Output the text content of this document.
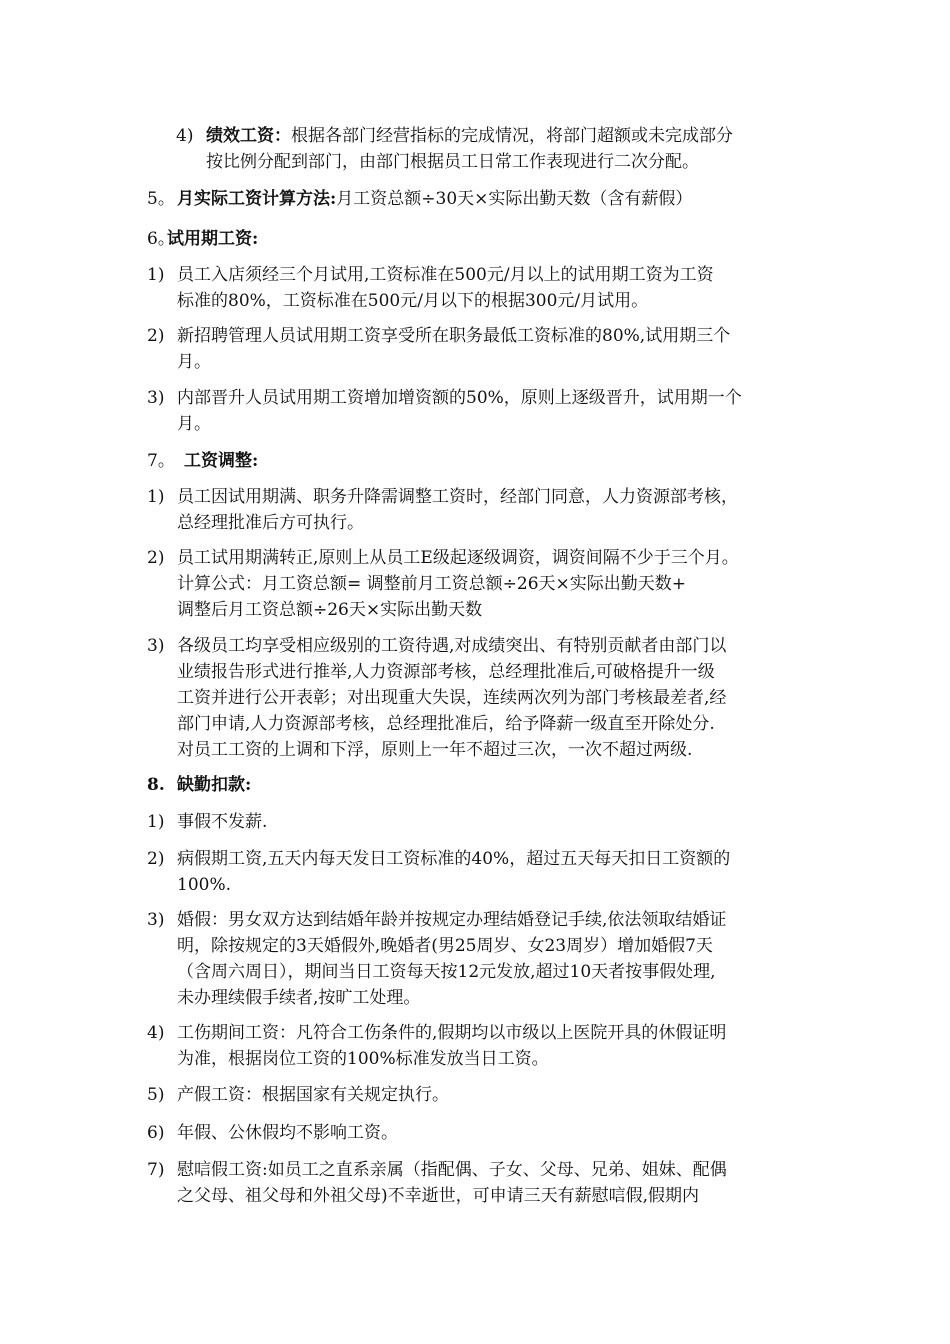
4) 绩效工资：根据各部门经营指标的完成情况，将部门超额或未完成部分
按比例分配到部门，由部门根据员工日常工作表现进行二次分配。
5。 月实际工资计算方法:月工资总额÷30天×实际出勤天数（含有薪假）
6。
试用期工资:
1) 员工入店须经三个月试用,工资标准在500元/月以上的试用期工资为工资
标准的80%，工资标准在500元/月以下的根据300元/月试用。
2) 新招聘管理人员试用期工资享受所在职务最低工资标准的80%,试用期三个
月。
3) 内部晋升人员试用期工资增加增资额的50%，原则上逐级晋升，试用期一个
月。
7。 工资调整:
1) 员工因试用期满、职务升降需调整工资时，经部门同意，人力资源部考核，
总经理批准后方可执行。
2) 员工试用期满转正,原则上从员工E级起逐级调资，调资间隔不少于三个月。
计算公式：月工资总额= 调整前月工资总额÷26天×实际出勤天数+
调整后月工资总额÷26天×实际出勤天数
3) 各级员工均享受相应级别的工资待遇,对成绩突出、有特别贡献者由部门以
业绩报告形式进行推举,人力资源部考核，总经理批准后,可破格提升一级
工资并进行公开表彰；对出现重大失误，连续两次列为部门考核最差者,经
部门申请,人力资源部考核，总经理批准后，给予降薪一级直至开除处分.
对员工工资的上调和下浮，原则上一年不超过三次，一次不超过两级.
8. 缺勤扣款:
1) 事假不发薪.
2) 病假期工资,五天内每天发日工资标准的40%，超过五天每天扣日工资额的
100%.
3) 婚假：男女双方达到结婚年龄并按规定办理结婚登记手续,依法领取结婚证
明，除按规定的3天婚假外,晚婚者(男25周岁、女23周岁）增加婚假7天
（含周六周日），期间当日工资每天按12元发放,超过10天者按事假处理,
未办理续假手续者,按旷工处理。
4) 工伤期间工资：凡符合工伤条件的,假期均以市级以上医院开具的休假证明
为准，根据岗位工资的100%标准发放当日工资。
5) 产假工资：根据国家有关规定执行。
6) 年假、公休假均不影响工资。
7) 慰唁假工资:如员工之直系亲属（指配偶、子女、父母、兄弟、姐妹、配偶
之父母、祖父母和外祖父母)不幸逝世，可申请三天有薪慰唁假,假期内
